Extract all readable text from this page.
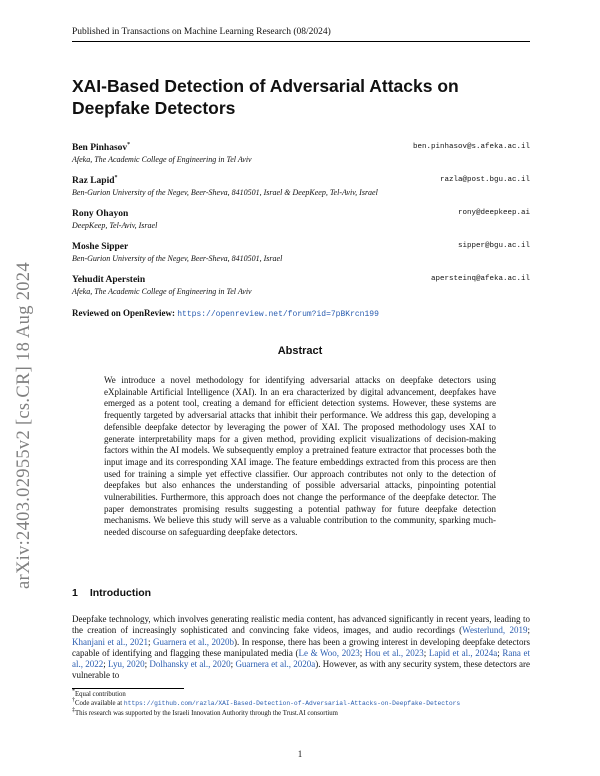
Published in Transactions on Machine Learning Research (08/2024)
XAI-Based Detection of Adversarial Attacks on Deepfake Detectors
Ben Pinhasov*
Afeka, The Academic College of Engineering in Tel Aviv
ben.pinhasov@s.afeka.ac.il
Raz Lapid*
Ben-Gurion University of the Negev, Beer-Sheva, 8410501, Israel & DeepKeep, Tel-Aviv, Israel
razla@post.bgu.ac.il
Rony Ohayon
DeepKeep, Tel-Aviv, Israel
rony@deepkeep.ai
Moshe Sipper
Ben-Gurion University of the Negev, Beer-Sheva, 8410501, Israel
sipper@bgu.ac.il
Yehudit Aperstein
Afeka, The Academic College of Engineering in Tel Aviv
apersteinq@afeka.ac.il
Reviewed on OpenReview: https://openreview.net/forum?id=7pBKrcn199
Abstract
We introduce a novel methodology for identifying adversarial attacks on deepfake detectors using eXplainable Artificial Intelligence (XAI). In an era characterized by digital advancement, deepfakes have emerged as a potent tool, creating a demand for efficient detection systems. However, these systems are frequently targeted by adversarial attacks that inhibit their performance. We address this gap, developing a defensible deepfake detector by leveraging the power of XAI. The proposed methodology uses XAI to generate interpretability maps for a given method, providing explicit visualizations of decision-making factors within the AI models. We subsequently employ a pretrained feature extractor that processes both the input image and its corresponding XAI image. The feature embeddings extracted from this process are then used for training a simple yet effective classifier. Our approach contributes not only to the detection of deepfakes but also enhances the understanding of possible adversarial attacks, pinpointing potential vulnerabilities. Furthermore, this approach does not change the performance of the deepfake detector. The paper demonstrates promising results suggesting a potential pathway for future deepfake detection mechanisms. We believe this study will serve as a valuable contribution to the community, sparking much-needed discourse on safeguarding deepfake detectors.
1 Introduction
Deepfake technology, which involves generating realistic media content, has advanced significantly in recent years, leading to the creation of increasingly sophisticated and convincing fake videos, images, and audio recordings (Westerlund, 2019; Khanjani et al., 2021; Guarnera et al., 2020b). In response, there has been a growing interest in developing deepfake detectors capable of identifying and flagging these manipulated media (Le & Woo, 2023; Hou et al., 2023; Lapid et al., 2024a; Rana et al., 2022; Lyu, 2020; Dolhansky et al., 2020; Guarnera et al., 2020a). However, as with any security system, these detectors are vulnerable to
*Equal contribution
†Code available at https://github.com/razla/XAI-Based-Detection-of-Adversarial-Attacks-on-Deepfake-Detectors
‡This research was supported by the Israeli Innovation Authority through the Trust.AI consortium
1
arXiv:2403.02955v2 [cs.CR] 18 Aug 2024
